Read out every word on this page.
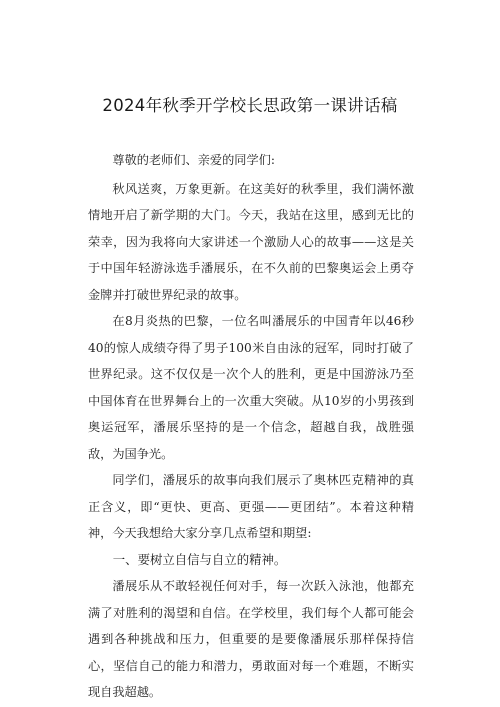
2024年秋季开学校长思政第一课讲话稿

尊敬的老师们、亲爱的同学们:

秋风送爽，万象更新。在这美好的秋季里，我们满怀激情地开启了新学期的大门。今天，我站在这里，感到无比的荣幸，因为我将向大家讲述一个激励人心的故事——这是关于中国年轻游泳选手潘展乐，在不久前的巴黎奥运会上勇夺金牌并打破世界纪录的故事。

在8月炎热的巴黎，一位名叫潘展乐的中国青年以46秒40的惊人成绩夺得了男子100米自由泳的冠军，同时打破了世界纪录。这不仅仅是一次个人的胜利，更是中国游泳乃至中国体育在世界舞台上的一次重大突破。从10岁的小男孩到奥运冠军，潘展乐坚持的是一个信念，超越自我，战胜强敌，为国争光。

同学们，潘展乐的故事向我们展示了奥林匹克精神的真正含义，即“更快、更高、更强——更团结”。本着这种精神，今天我想给大家分享几点希望和期望:

一、要树立自信与自立的精神。

潘展乐从不敢轻视任何对手，每一次跃入泳池，他都充满了对胜利的渴望和自信。在学校里，我们每个人都可能会遇到各种挑战和压力，但重要的是要像潘展乐那样保持信心，坚信自己的能力和潜力，勇敢面对每一个难题，不断实现自我超越。
